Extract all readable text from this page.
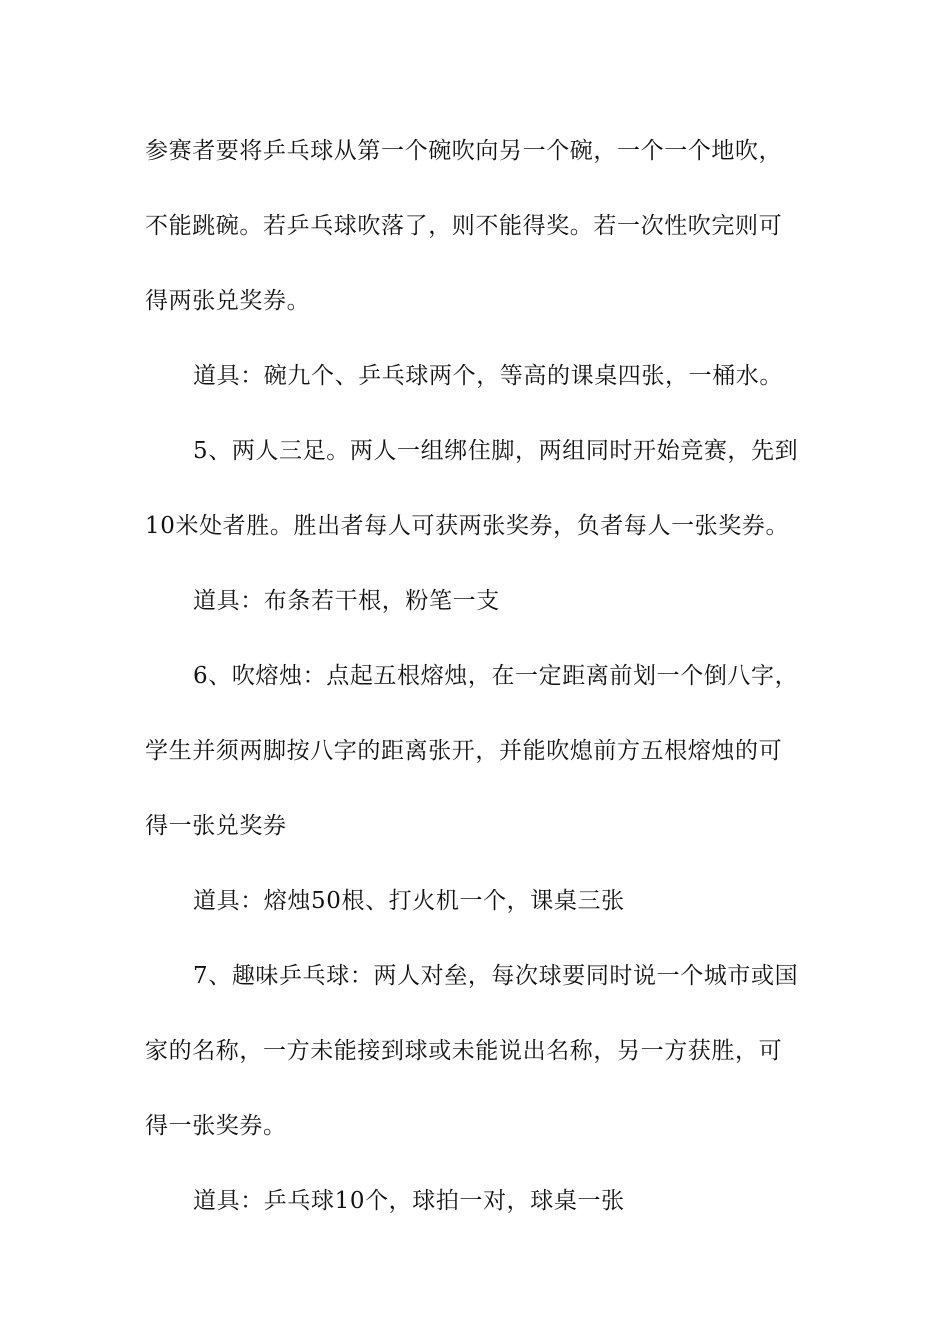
参赛者要将乒乓球从第一个碗吹向另一个碗，一个一个地吹，
不能跳碗。若乒乓球吹落了，则不能得奖。若一次性吹完则可
得两张兑奖券。
道具：碗九个、乒乓球两个，等高的课桌四张，一桶水。
5、两人三足。两人一组绑住脚，两组同时开始竞赛，先到
10米处者胜。胜出者每人可获两张奖券，负者每人一张奖券。
道具：布条若干根，粉笔一支
6、吹熔烛：点起五根熔烛，在一定距离前划一个倒八字，
学生并须两脚按八字的距离张开，并能吹熄前方五根熔烛的可
得一张兑奖券
道具：熔烛50根、打火机一个，课桌三张
7、趣味乒乓球：两人对垒，每次球要同时说一个城市或国
家的名称，一方未能接到球或未能说出名称，另一方获胜，可
得一张奖券。
道具：乒乓球10个，球拍一对，球桌一张
